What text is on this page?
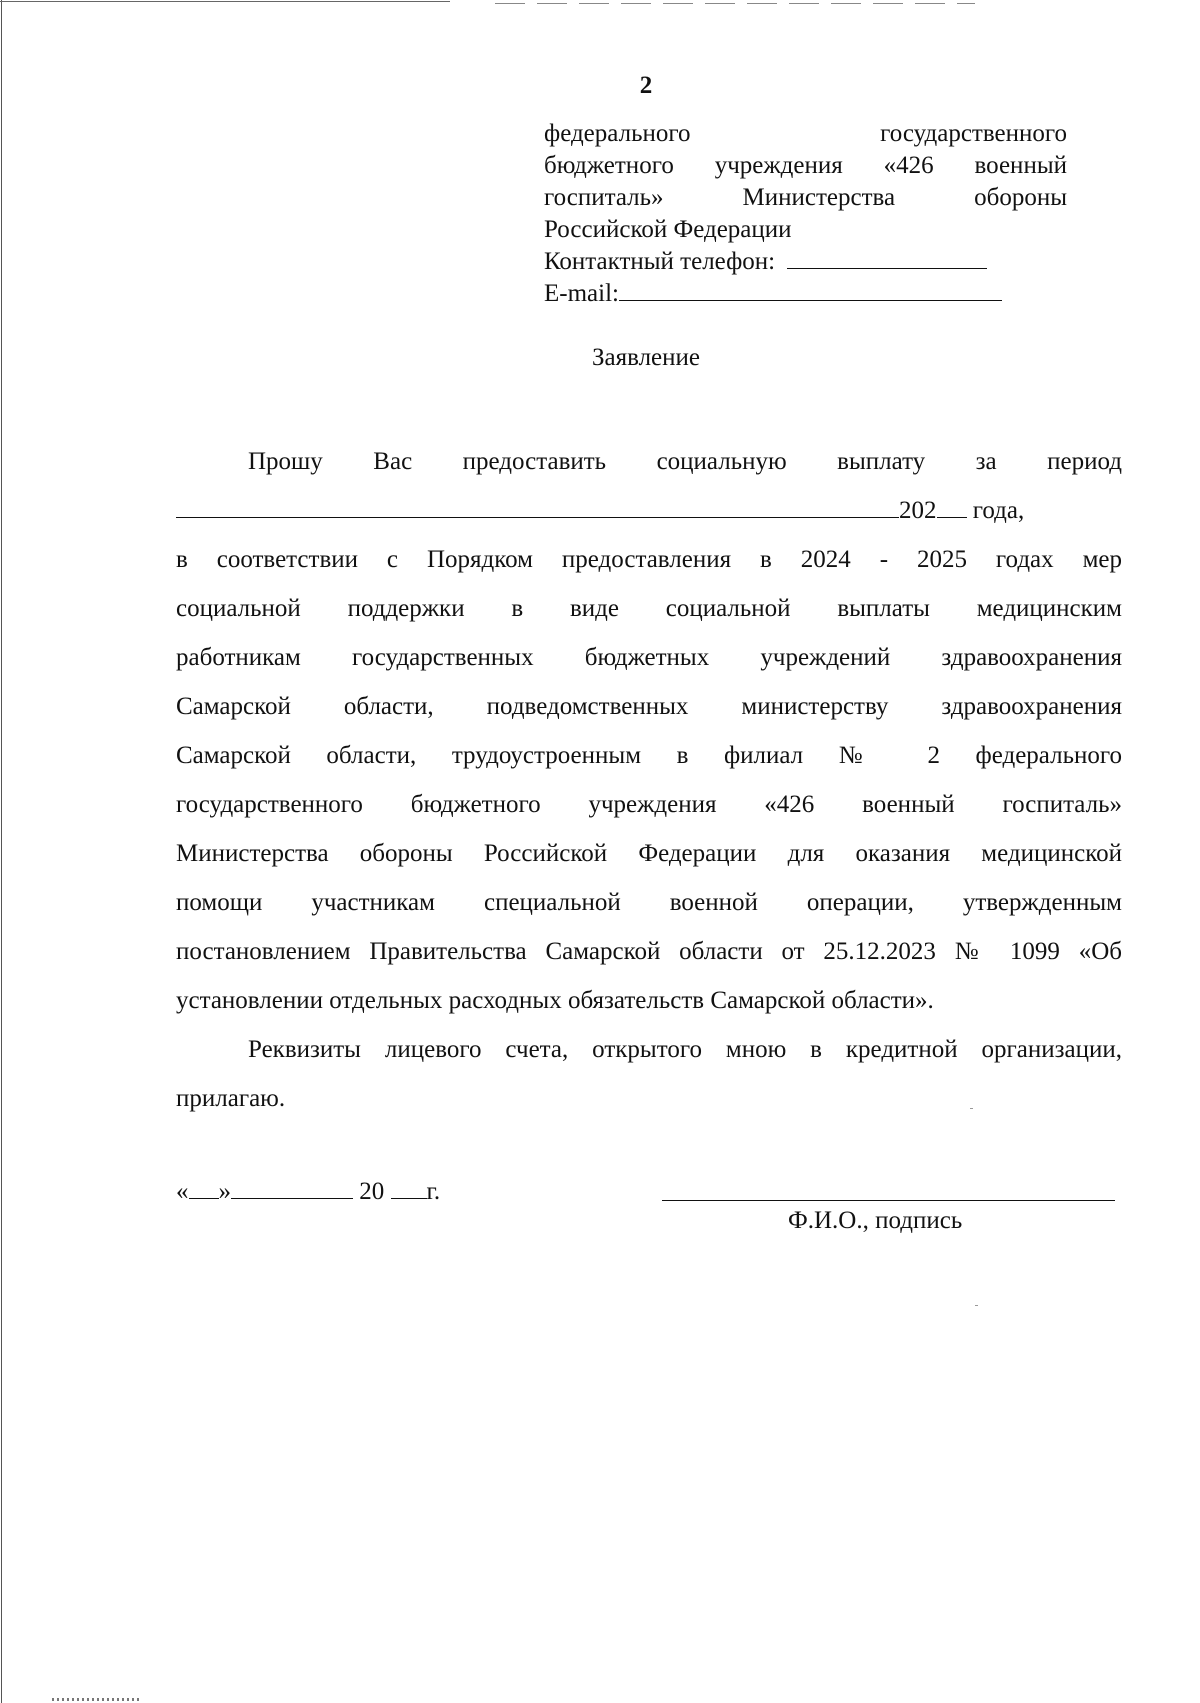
2
федерального	государственного
бюджетного учреждения «426 военный
госпиталь»	Министерства	обороны
Российской Федерации
Контактный телефон:
E-mail:
Заявление
Прошу Вас предоставить социальную выплату за период
202 года,
в соответствии с Порядком предоставления в 2024 - 2025 годах мер
социальной поддержки в виде социальной выплаты медицинским
работникам государственных бюджетных учреждений здравоохранения
Самарской области, подведомственных министерству здравоохранения
Самарской области, трудоустроенным в филиал № 2 федерального
государственного бюджетного учреждения «426 военный госпиталь»
Министерства обороны Российской Федерации для оказания медицинской
помощи участникам специальной военной операции, утвержденным
постановлением Правительства Самарской области от 25.12.2023 № 1099 «Об
установлении отдельных расходных обязательств Самарской области».
Реквизиты лицевого счета, открытого мною в кредитной организации,
прилагаю.
« »	20 г.
Ф.И.О., подпись
